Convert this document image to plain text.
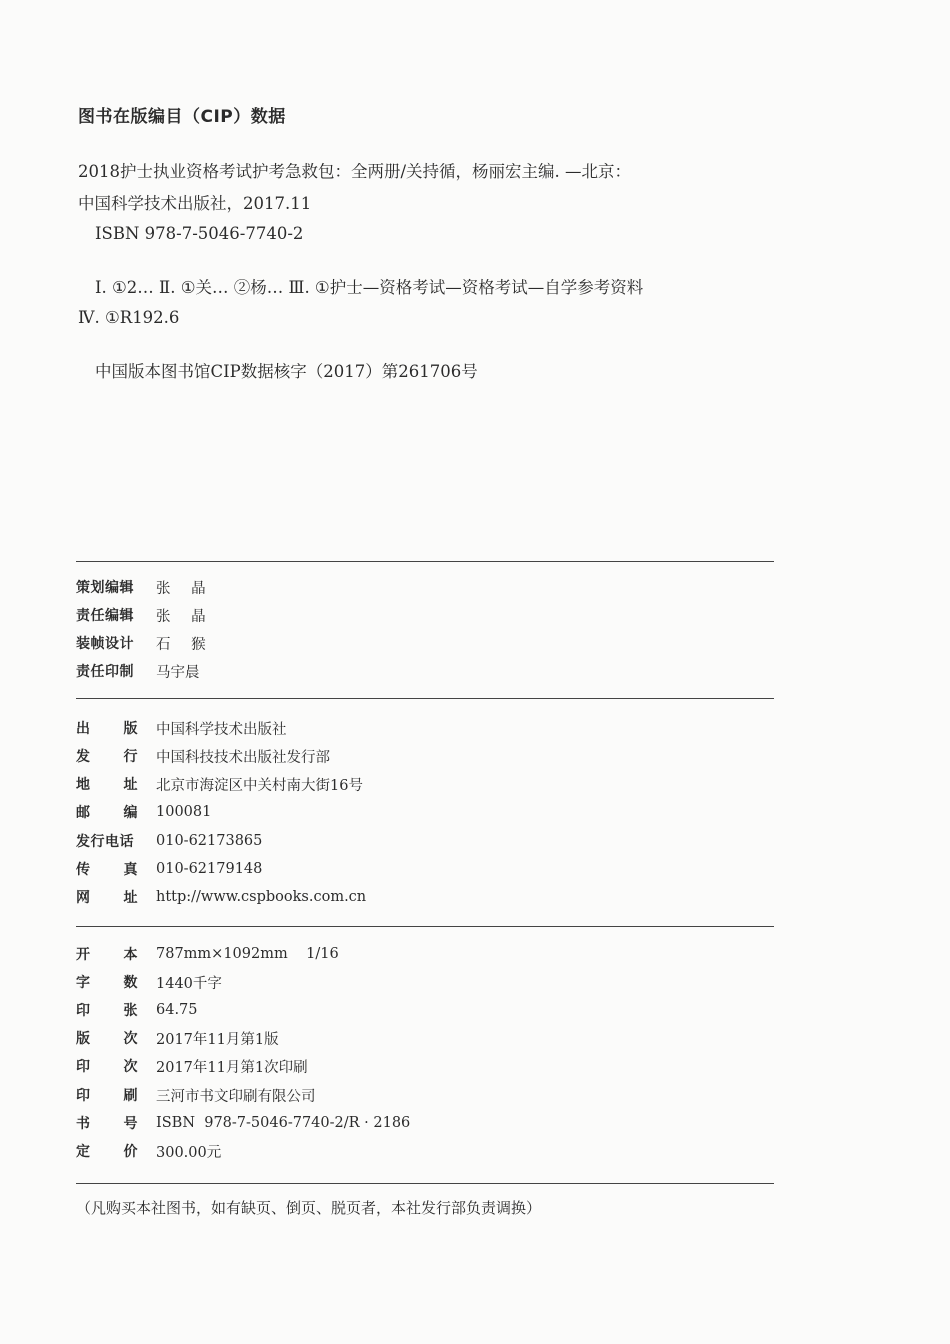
图书在版编目（CIP）数据
2018护士执业资格考试护考急救包：全两册/关持循，杨丽宏主编. —北京：
中国科学技术出版社，2017.11
ISBN 978-7-5046-7740-2
Ⅰ. ①2… Ⅱ. ①关… ②杨… Ⅲ. ①护士—资格考试—资格考试—自学参考资料
Ⅳ. ①R192.6
中国版本图书馆CIP数据核字（2017）第261706号
策划编辑	张 晶
责任编辑	张 晶
装帧设计	石 猴
责任印制	马宇晨
出 版 中国科学技术出版社
发 行 中国科技技术出版社发行部
地 址 北京市海淀区中关村南大街16号
邮 编 100081
发行电话	010-62173865
传 真 010-62179148
网 址 http://www.cspbooks.com.cn
开 本 787mm×1092mm    1/16
字 数 1440千字
印 张 64.75
版 次 2017年11月第1版
印 次 2017年11月第1次印刷
印 刷 三河市书文印刷有限公司
书 号 ISBN  978-7-5046-7740-2/R · 2186
定 价 300.00元
（凡购买本社图书，如有缺页、倒页、脱页者，本社发行部负责调换）
